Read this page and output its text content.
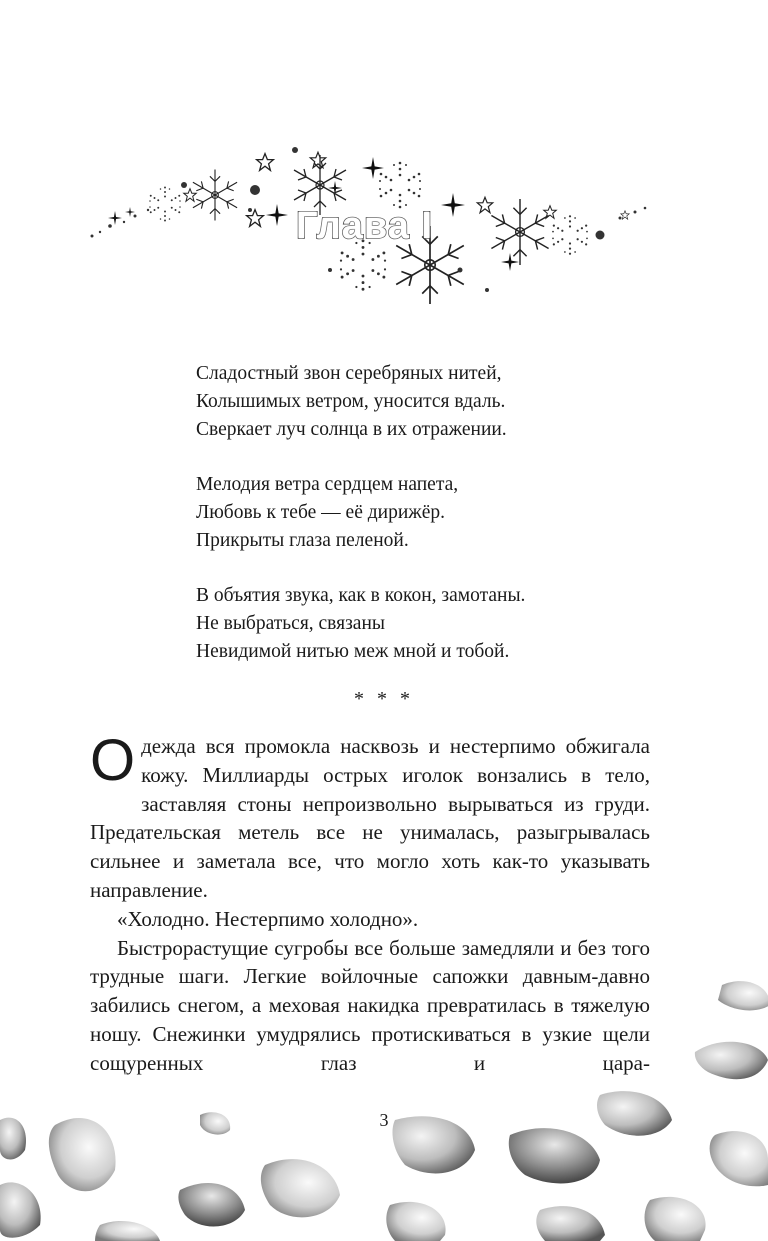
Глава I
Сладостный звон серебряных нитей,
Колышимых ветром, уносится вдаль.
Сверкает луч солнца в их отражении.
Мелодия ветра сердцем напета,
Любовь к тебе — её дирижёр.
Прикрыты глаза пеленой.
В объятия звука, как в кокон, замотаны.
Не выбраться, связаны
Невидимой нитью меж мной и тобой.
* * *

Одежда вся промокла насквозь и нестерпимо обжигала кожу. Миллиарды острых иголок вонзались в тело, заставляя стоны непроизвольно вырываться из груди. Предательская метель все не унималась, разыгрывалась сильнее и заметала все, что могло хоть как-то указывать направление.

«Холодно. Нестерпимо холодно».

Быстрорастущие сугробы все больше замедляли и без того трудные шаги. Легкие войлочные сапожки давным-давно забились снегом, а меховая накидка превратилась в тяжелую ношу. Снежинки умудрялись протискиваться в узкие щели сощуренных глаз и цара-

3
